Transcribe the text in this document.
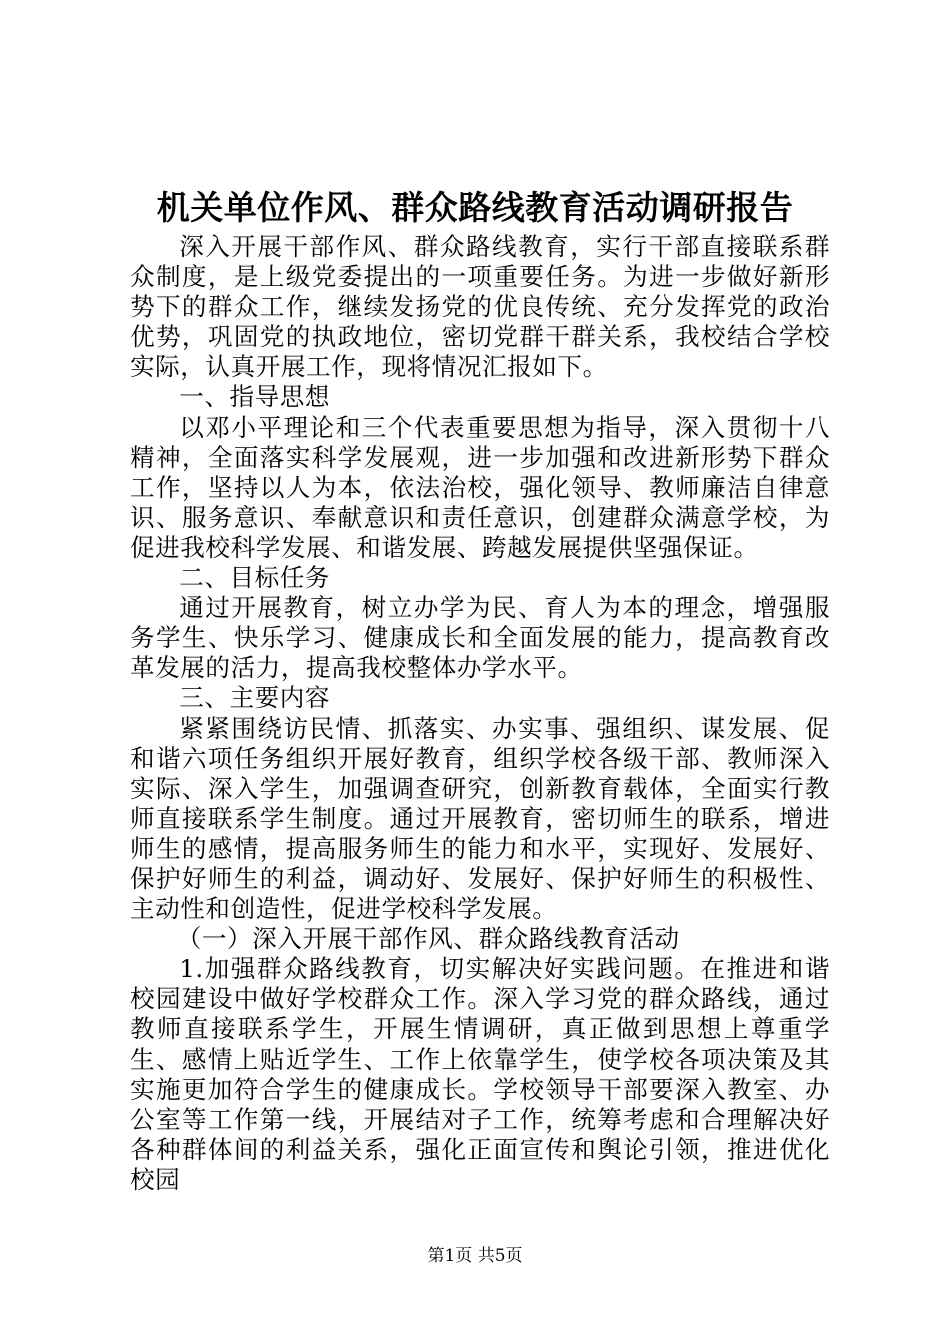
机关单位作风、群众路线教育活动调研报告

深入开展干部作风、群众路线教育，实行干部直接联系群众制度，是上级党委提出的一项重要任务。为进一步做好新形势下的群众工作，继续发扬党的优良传统、充分发挥党的政治优势，巩固党的执政地位，密切党群干群关系，我校结合学校实际，认真开展工作，现将情况汇报如下。

一、指导思想

以邓小平理论和三个代表重要思想为指导，深入贯彻十八精神，全面落实科学发展观，进一步加强和改进新形势下群众工作，坚持以人为本，依法治校，强化领导、教师廉洁自律意识、服务意识、奉献意识和责任意识，创建群众满意学校，为促进我校科学发展、和谐发展、跨越发展提供坚强保证。

二、目标任务

通过开展教育，树立办学为民、育人为本的理念，增强服务学生、快乐学习、健康成长和全面发展的能力，提高教育改革发展的活力，提高我校整体办学水平。

三、主要内容

紧紧围绕访民情、抓落实、办实事、强组织、谋发展、促和谐六项任务组织开展好教育，组织学校各级干部、教师深入实际、深入学生，加强调查研究，创新教育载体，全面实行教师直接联系学生制度。通过开展教育，密切师生的联系，增进师生的感情，提高服务师生的能力和水平，实现好、发展好、保护好师生的利益，调动好、发展好、保护好师生的积极性、主动性和创造性，促进学校科学发展。

（一）深入开展干部作风、群众路线教育活动

1.加强群众路线教育，切实解决好实践问题。在推进和谐校园建设中做好学校群众工作。深入学习党的群众路线，通过教师直接联系学生，开展生情调研，真正做到思想上尊重学生、感情上贴近学生、工作上依靠学生，使学校各项决策及其实施更加符合学生的健康成长。学校领导干部要深入教室、办公室等工作第一线，开展结对子工作，统筹考虑和合理解决好各种群体间的利益关系，强化正面宣传和舆论引领，推进优化校园

第1页 共5页
